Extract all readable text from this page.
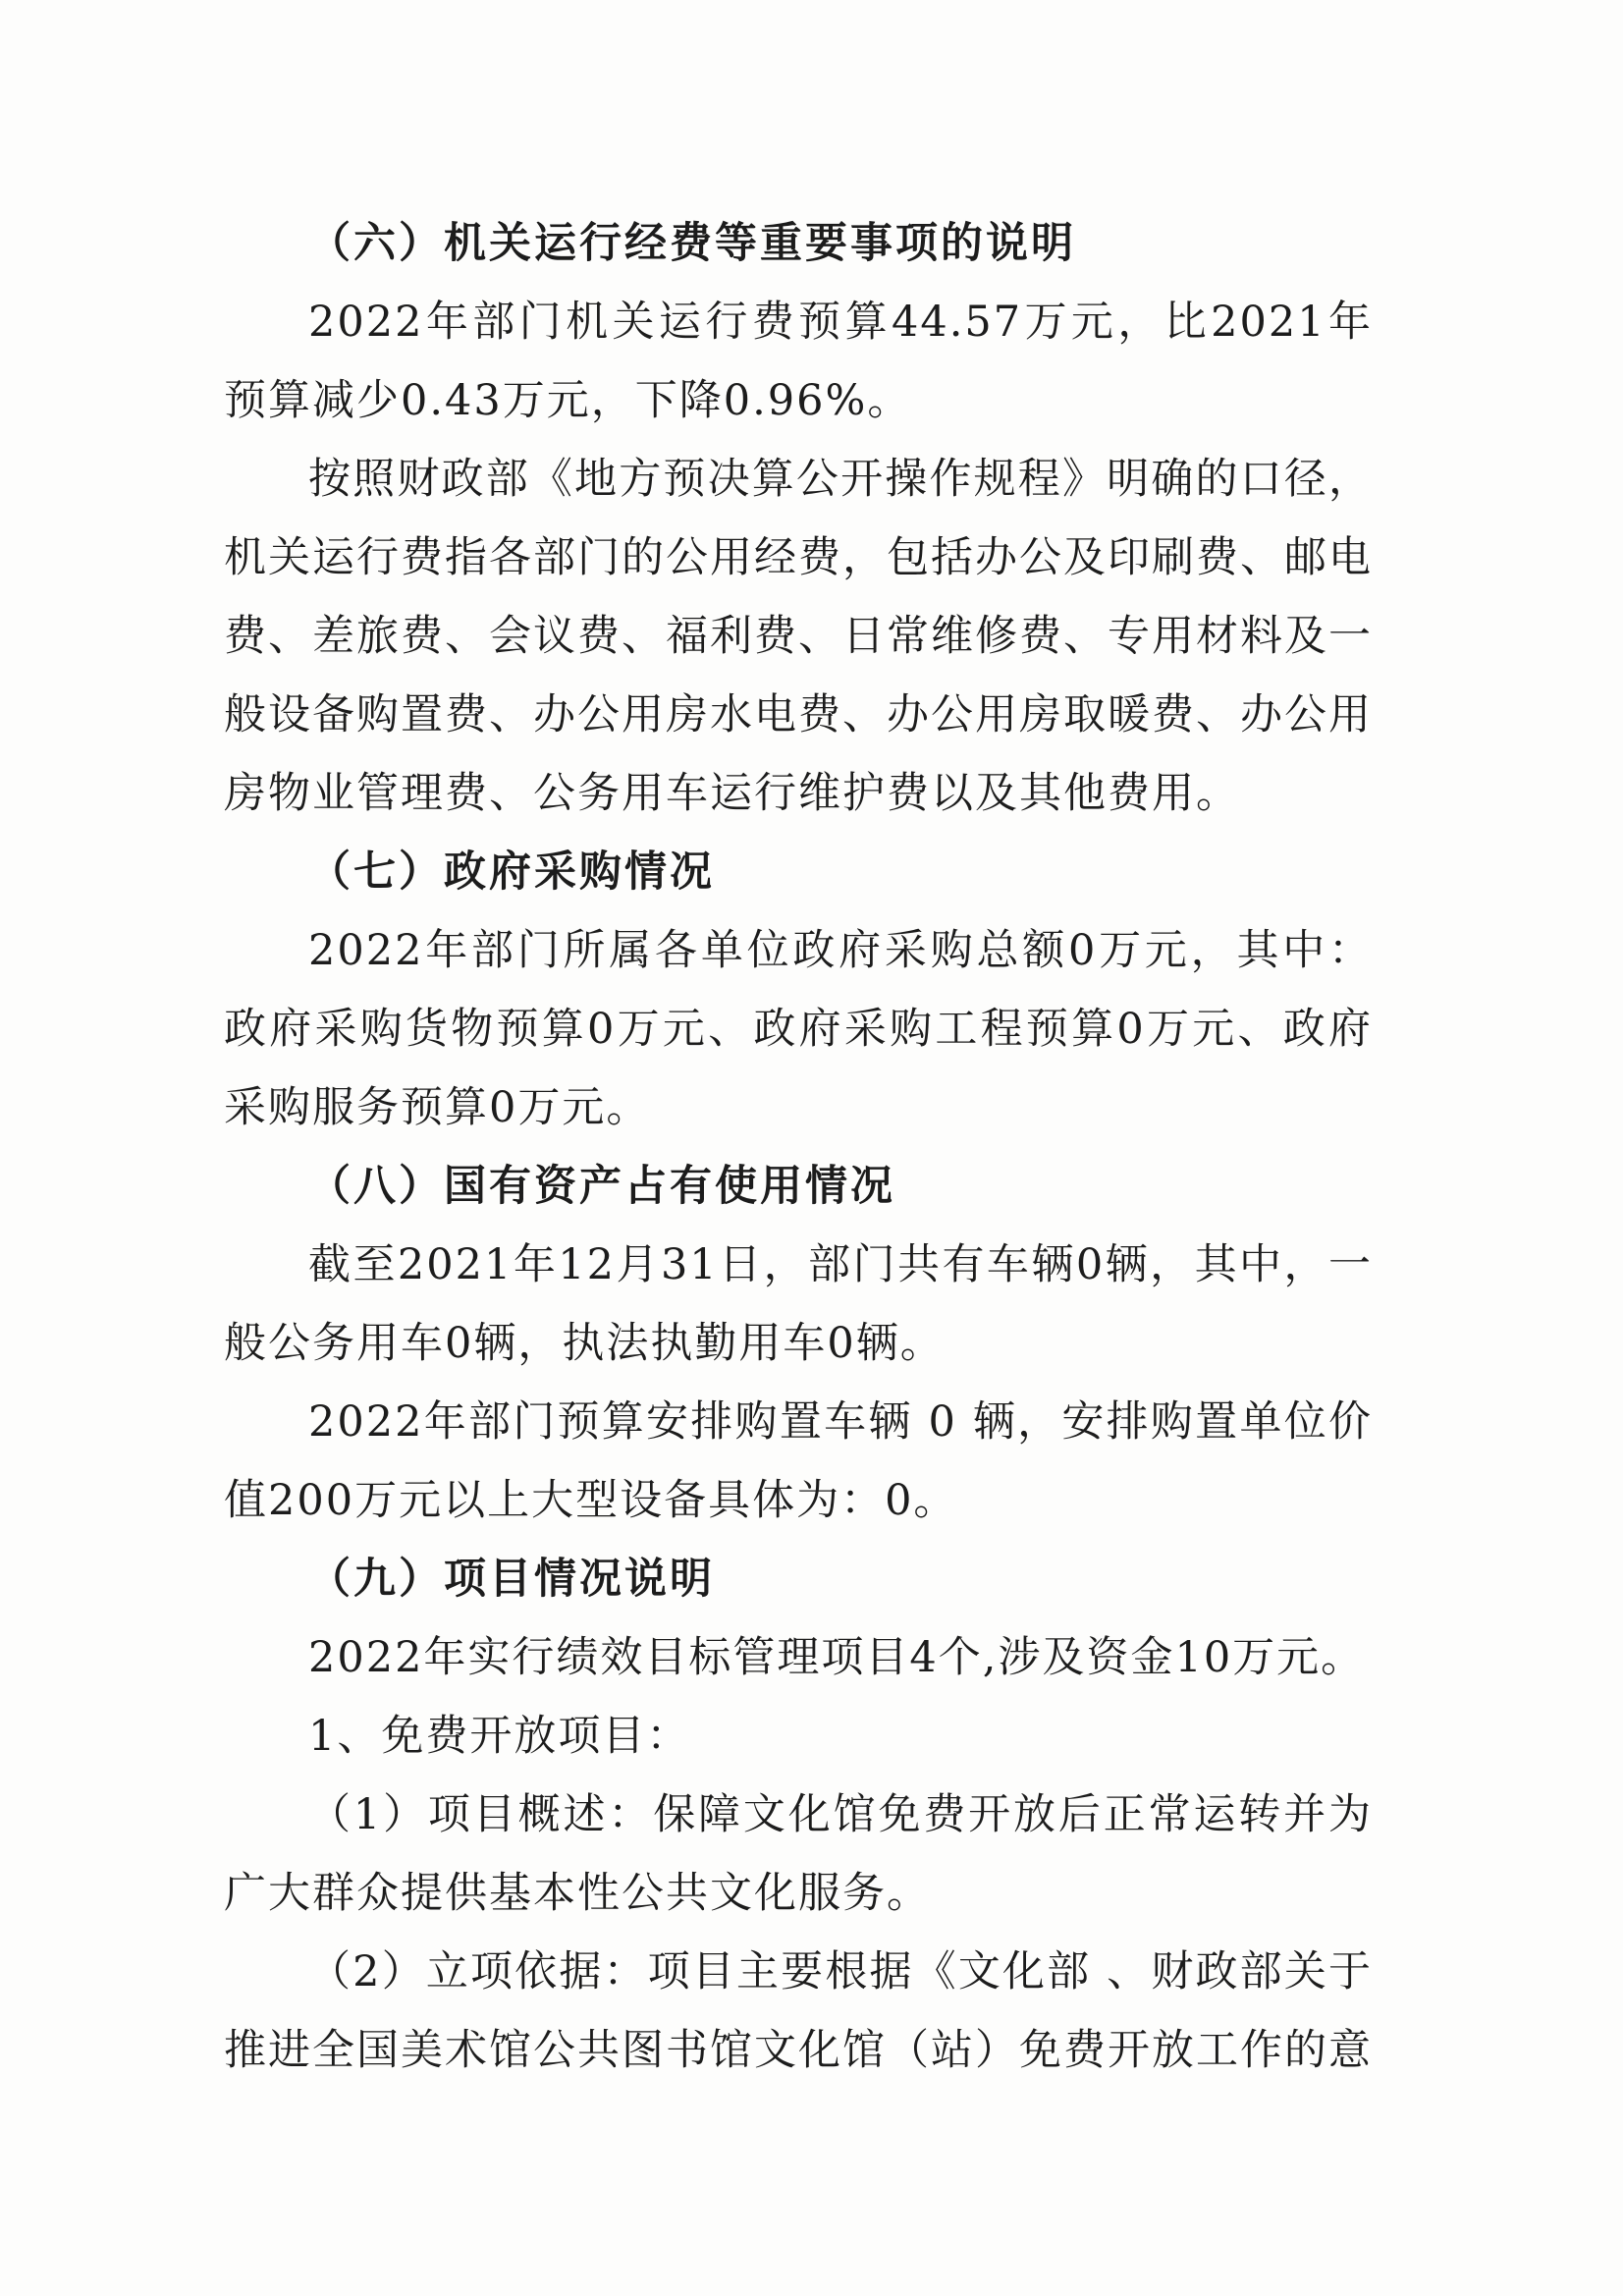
（六）机关运行经费等重要事项的说明

2022年部门机关运行费预算44.57万元，比2021年预算减少0.43万元，下降0.96%。

按照财政部《地方预决算公开操作规程》明确的口径，机关运行费指各部门的公用经费，包括办公及印刷费、邮电费、差旅费、会议费、福利费、日常维修费、专用材料及一般设备购置费、办公用房水电费、办公用房取暖费、办公用房物业管理费、公务用车运行维护费以及其他费用。

（七）政府采购情况

2022年部门所属各单位政府采购总额0万元，其中：政府采购货物预算0万元、政府采购工程预算0万元、政府采购服务预算0万元。

（八）国有资产占有使用情况

截至2021年12月31日，部门共有车辆0辆，其中，一般公务用车0辆，执法执勤用车0辆。

2022年部门预算安排购置车辆 0 辆，安排购置单位价值200万元以上大型设备具体为：0。

（九）项目情况说明

2022年实行绩效目标管理项目4个,涉及资金10万元。

1、免费开放项目：

（1）项目概述：保障文化馆免费开放后正常运转并为广大群众提供基本性公共文化服务。

（2）立项依据：项目主要根据《文化部 、财政部关于推进全国美术馆公共图书馆文化馆（站）免费开放工作的意
